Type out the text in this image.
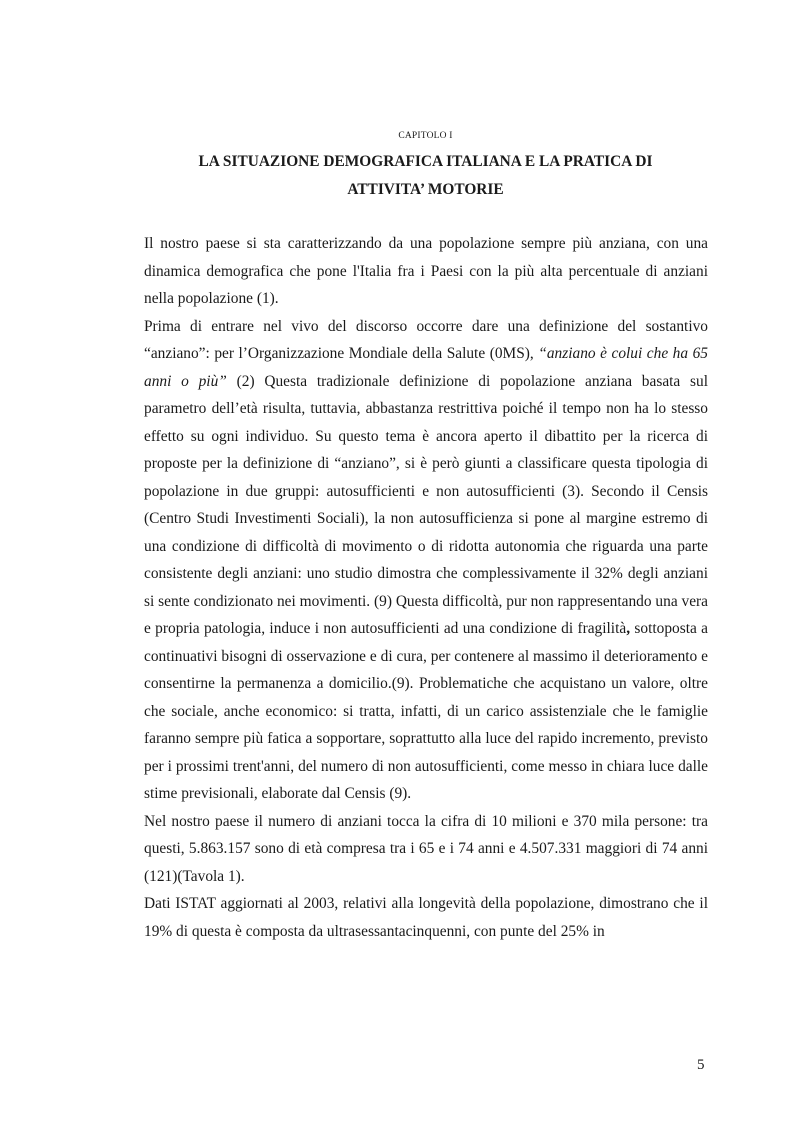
CAPITOLO I
LA SITUAZIONE DEMOGRAFICA ITALIANA E LA PRATICA DI
ATTIVITA’ MOTORIE

Il nostro paese si sta caratterizzando da una popolazione sempre più anziana, con una dinamica demografica che pone l'Italia fra i Paesi con la più alta percentuale di anziani nella popolazione (1).

Prima di entrare nel vivo del discorso occorre dare una definizione del sostantivo “anziano”: per l’Organizzazione Mondiale della Salute (0MS), “anziano è colui che ha 65 anni o più” (2) Questa tradizionale definizione di popolazione anziana basata sul parametro dell’età risulta, tuttavia, abbastanza restrittiva poiché il tempo non ha lo stesso effetto su ogni individuo. Su questo tema è ancora aperto il dibattito per la ricerca di proposte per la definizione di “anziano”, si è però giunti a classificare questa tipologia di popolazione in due gruppi: autosufficienti e non autosufficienti (3). Secondo il Censis (Centro Studi Investimenti Sociali), la non autosufficienza si pone al margine estremo di una condizione di difficoltà di movimento o di ridotta autonomia che riguarda una parte consistente degli anziani: uno studio dimostra che complessivamente il 32% degli anziani si sente condizionato nei movimenti. (9) Questa difficoltà, pur non rappresentando una vera e propria patologia, induce i non autosufficienti ad una condizione di fragilità, sottoposta a continuativi bisogni di osservazione e di cura, per contenere al massimo il deterioramento e consentirne la permanenza a domicilio.(9). Problematiche che acquistano un valore, oltre che sociale, anche economico: si tratta, infatti, di un carico assistenziale che le famiglie faranno sempre più fatica a sopportare, soprattutto alla luce del rapido incremento, previsto per i prossimi trent'anni, del numero di non autosufficienti, come messo in chiara luce dalle stime previsionali, elaborate dal Censis (9).

Nel nostro paese il numero di anziani tocca la cifra di 10 milioni e 370 mila persone: tra questi, 5.863.157 sono di età compresa tra i 65 e i 74 anni e 4.507.331 maggiori di 74 anni (121)(Tavola 1).

Dati ISTAT aggiornati al 2003, relativi alla longevità della popolazione, dimostrano che il 19% di questa è composta da ultrasessantacinquenni, con punte del 25% in

5
